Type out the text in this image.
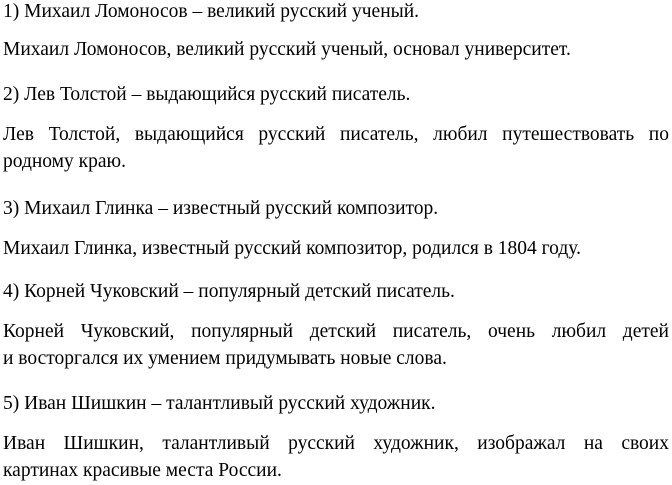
1) Михаил Ломоносов – великий русский ученый.
Михаил Ломоносов, великий русский ученый, основал университет.
2) Лев Толстой – выдающийся русский писатель.
Лев Толстой, выдающийся русский писатель, любил путешествовать по
родному краю.
3) Михаил Глинка – известный русский композитор.
Михаил Глинка, известный русский композитор, родился в 1804 году.
4) Корней Чуковский – популярный детский писатель.
Корней Чуковский, популярный детский писатель, очень любил детей
и восторгался их умением придумывать новые слова.
5) Иван Шишкин – талантливый русский художник.
Иван Шишкин, талантливый русский художник, изображал на своих
картинах красивые места России.
